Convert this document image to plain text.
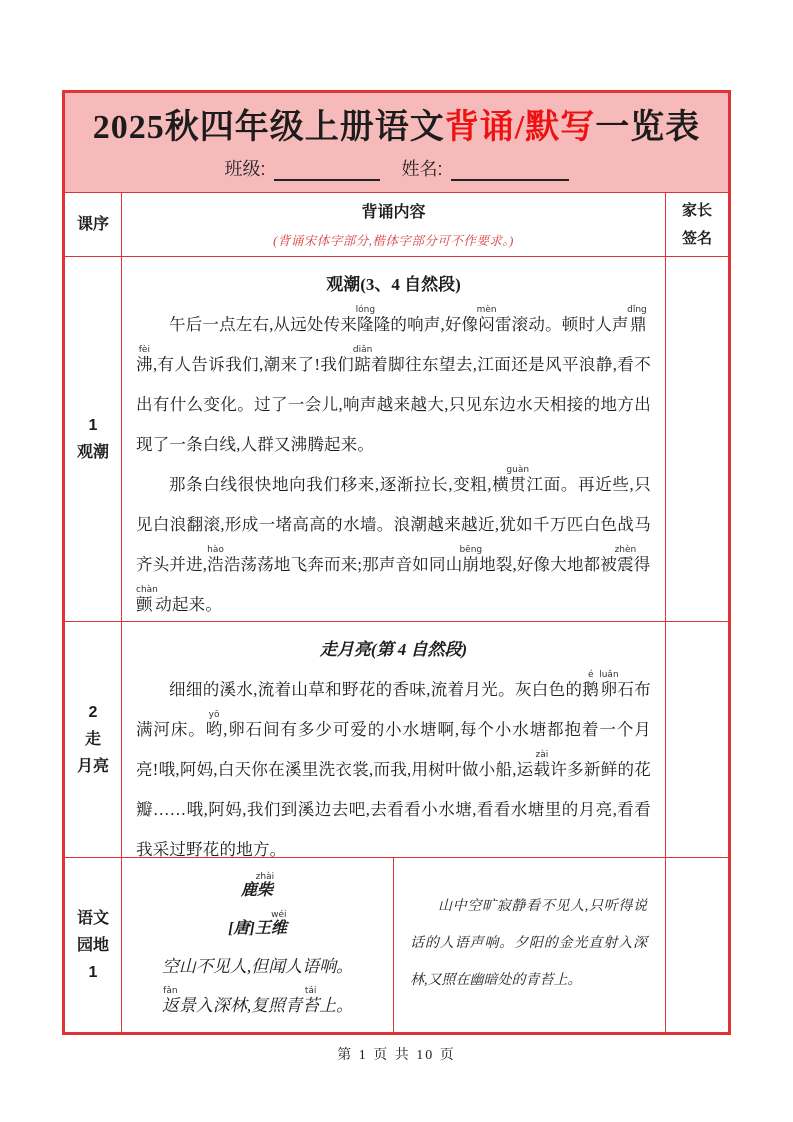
2025秋四年级上册语文背诵/默写一览表
班级:	姓名:
课序
背诵内容
(背诵宋体字部分,楷体字部分可不作要求。)
家长
签名
1
观潮
观潮(3、4 自然段)
午后一点左右,从远处传来隆lóng隆的响声,好像闷mèn雷滚动。顿时人声鼎dǐng沸fèi,有人告诉我们,潮来了!我们踮diǎn着脚往东望去,江面还是风平浪静,看不出有什么变化。过了一会儿,响声越来越大,只见东边水天相接的地方出现了一条白线,人群又沸腾起来。
那条白线很快地向我们移来,逐渐拉长,变粗,横贯guàn江面。再近些,只见白浪翻滚,形成一堵高高的水墙。浪潮越来越近,犹如千万匹白色战马齐头并进,浩hào浩荡荡地飞奔而来;那声音如同山崩bēng地裂,好像大地都被震zhèn得颤chàn动起来。
2
走
月亮
走月亮(第 4 自然段)
细细的溪水,流着山草和野花的香味,流着月光。灰白色的鹅é卵luǎn石布满河床。哟yō,卵石间有多少可爱的小水塘啊,每个小水塘都抱着一个月亮!哦,阿妈,白天你在溪里洗衣裳,而我,用树叶做小船,运载zài许多新鲜的花瓣……哦,阿妈,我们到溪边去吧,去看看小水塘,看看水塘里的月亮,看看我采过野花的地方。
语文
园地
1
鹿柴zhài
[唐]王维wéi
空山不见人,但闻人语响。
返fǎn景入深林,复照青苔tái上。
山中空旷寂静看不见人,只听得说话的人语声响。夕阳的金光直射入深林,又照在幽暗处的青苔上。
第 1 页 共 10 页
